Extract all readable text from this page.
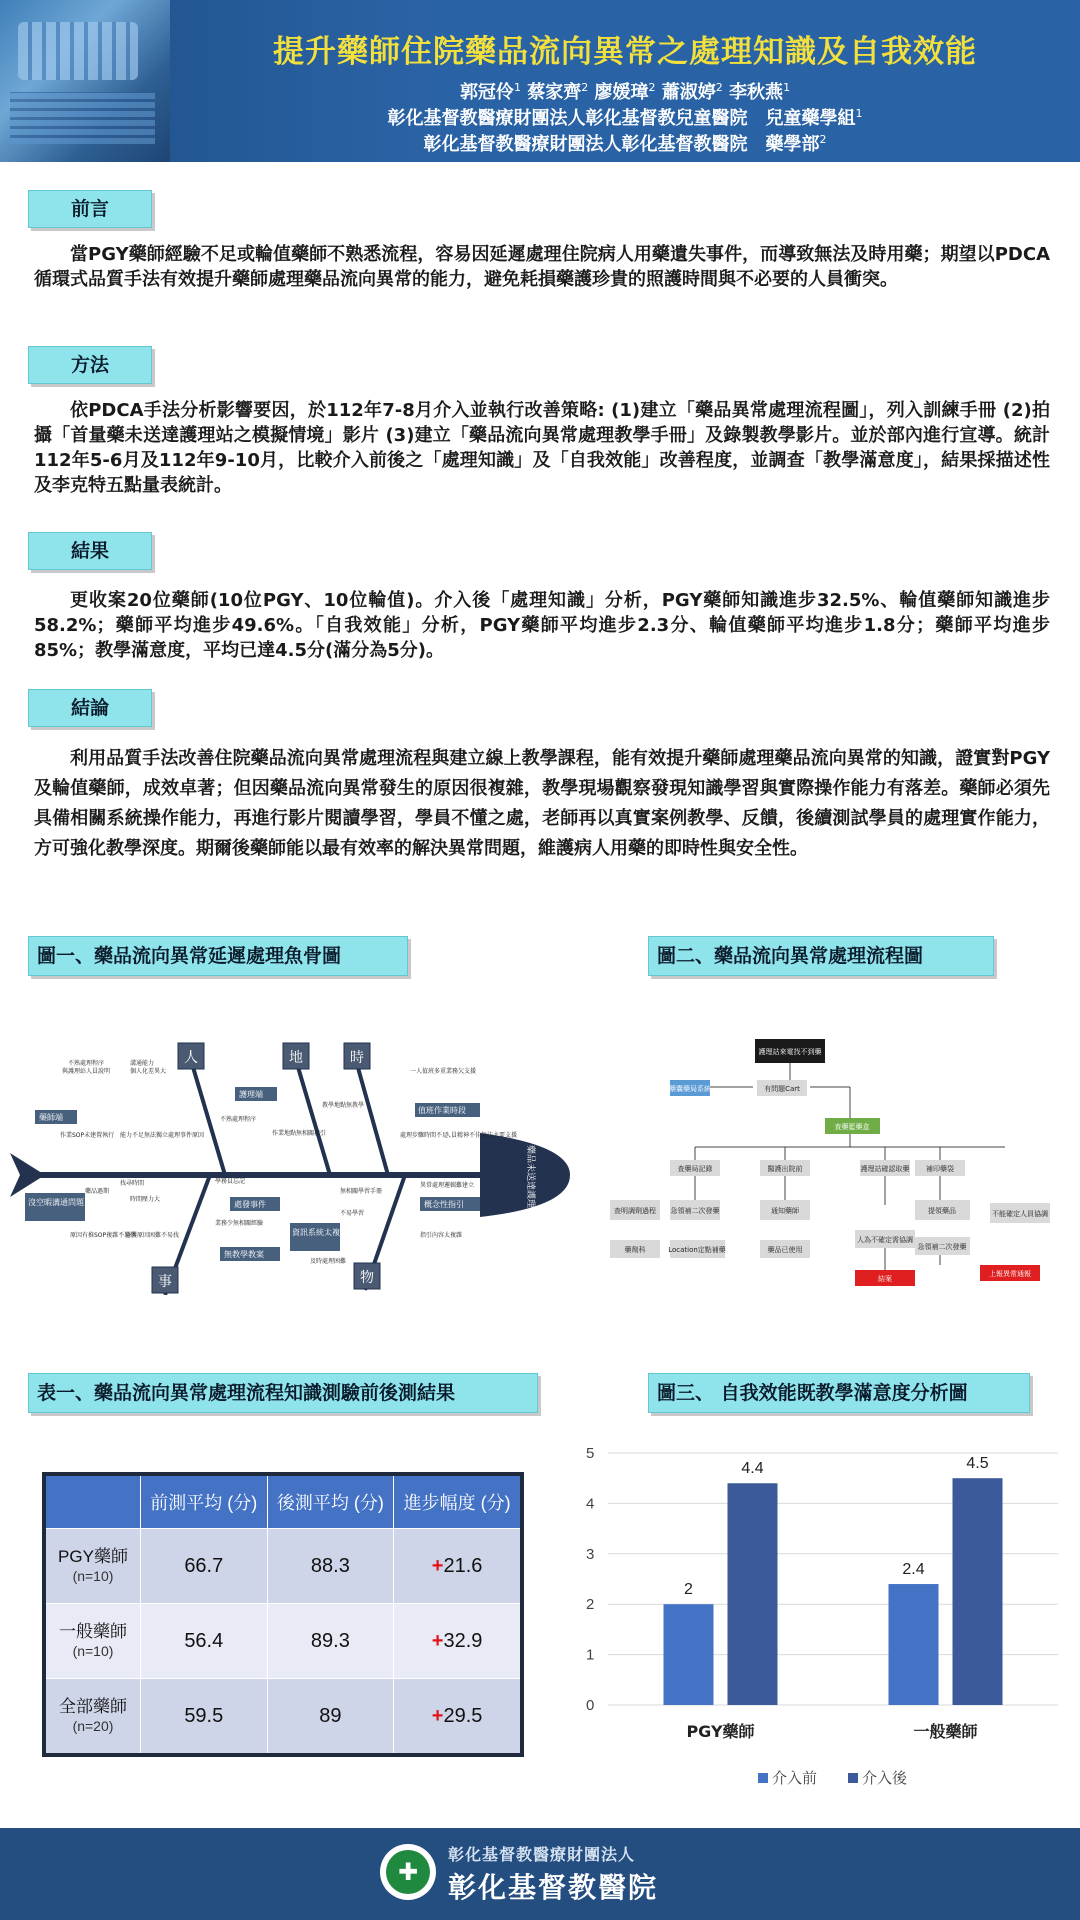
提升藥師住院藥品流向異常之處理知識及自我效能
郭冠伶$^1$ 蔡家齊$^2$ 廖媛璋$^2$ 蕭淑婷$^2$ 李秋燕$^1$
彰化基督教醫療財團法人彰化基督教兒童醫院　兒童藥學組$^1$
彰化基督教醫療財團法人彰化基督教醫院　藥學部$^2$
前言
當PGY藥師經驗不足或輪值藥師不熟悉流程，容易因延遲處理住院病人用藥遺失事件，而導致無法及時用藥；期望以PDCA循環式品質手法有效提升藥師處理藥品流向異常的能力，避免耗損藥護珍貴的照護時間與不必要的人員衝突。
方法
依PDCA手法分析影響要因，於112年7-8月介入並執行改善策略: (1)建立「藥品異常處理流程圖」，列入訓練手冊 (2)拍攝「首量藥未送達護理站之模擬情境」影片 (3)建立「藥品流向異常處理教學手冊」及錄製教學影片。並於部內進行宣導。統計112年5-6月及112年9-10月，比較介入前後之「處理知識」及「自我效能」改善程度，並調查「教學滿意度」，結果採描述性及李克特五點量表統計。
結果
更收案20位藥師(10位PGY、10位輪值)。介入後「處理知識」分析，PGY藥師知識進步32.5%、輪值藥師知識進步58.2%；藥師平均進步49.6%。「自我效能」分析，PGY藥師平均進步2.3分、輪值藥師平均進步1.8分；藥師平均進步85%；教學滿意度，平均已達4.5分(滿分為5分)。
結論
利用品質手法改善住院藥品流向異常處理流程與建立線上教學課程，能有效提升藥師處理藥品流向異常的知識，證實對PGY及輪值藥師，成效卓著；但因藥品流向異常發生的原因很複雜，教學現場觀察發現知識學習與實際操作能力有落差。藥師必須先具備相關系統操作能力，再進行影片閱讀學習，學員不懂之處，老師再以真實案例教學、反饋，後續測試學員的處理實作能力，方可強化教學深度。期爾後藥師能以最有效率的解決異常問題，維護病人用藥的即時性與安全性。
圖一、藥品流向異常延遲處理魚骨圖	圖二、藥品流向異常處理流程圖
表一、藥品流向異常處理流程知識測驗前後測結果	圖三、 自我效能既教學滿意度分析圖
藥品未送達護理站藥師處理延遲
人	地	時
事	物
藥師端
護理端
值班作業時段
沒空暇溝通問題	處發事件
資訊系統太複雜
概念性指引
無教學教案
不熟處理程序	溝通能力
個人化差異大
與護理站人員說明
作業SOP未建置執行 能力不足無法獨立處理事件原因
不熟處理程序
教學地點無教學
作業地點無相關指引
一人值班多重業務欠支援
處理步驟時間不足
人員精神不佳無法主要支援
學務員忘記
業務少無相關經驗
異常處理邏輯難建立
無相關學習手冊
不易學習
指引內容太複雜
找尋時間
藥品過期
時間壓力大
原因有推SOP複雜不易學
醫護原因困難不易找
及時處理困難
護理站來電找不到藥
藥囊藥局系統	有問題Cart
查藥籃藥盒
查藥局記錄	醫護出院前	護理站確認取藥 補印藥袋
查明調劑過程 急領補二次發藥	通知藥師	提領藥品
藥劑科	Location定點補藥	藥品已使用
人為不確定需協調
急領補二次發藥
不能確定人員協調
上報異常通報
結案
	前測平均 (分)	後測平均 (分)	進步幅度 (分)
PGY藥師
(n=10)	66.7	88.3	+21.6
一般藥師
(n=10)	56.4	89.3	+32.9
全部藥師
(n=20)	59.5	89	+29.5	0
1
2
3
4
5
2
4.4
PGY藥師
2.4
4.5
一般藥師
介入前	介入後
✚
彰化基督教醫療財團法人
彰化基督教醫院
